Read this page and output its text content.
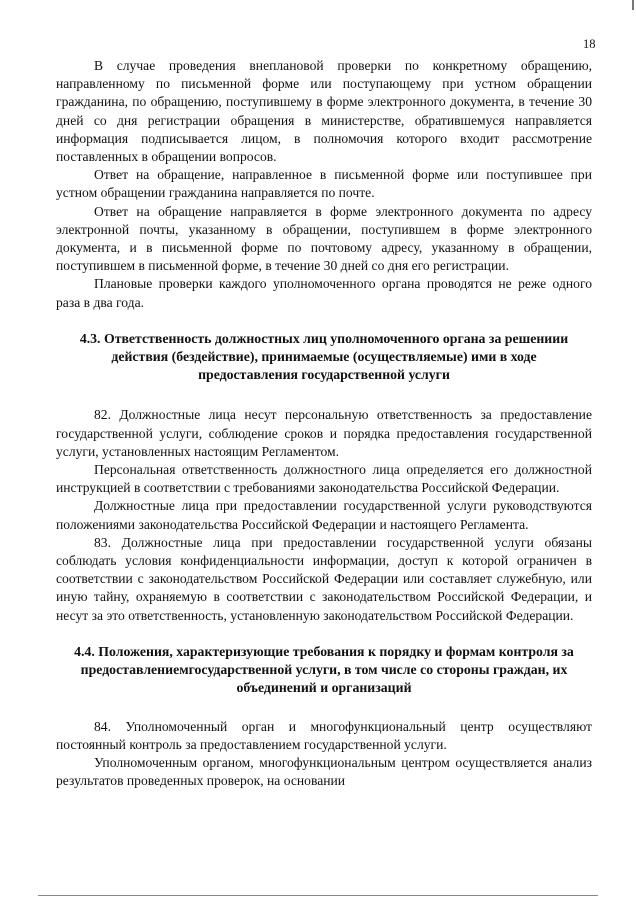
18

В случае проведения внеплановой проверки по конкретному обращению, направленному по письменной форме или поступающему при устном обращении гражданина, по обращению, поступившему в форме электронного документа, в течение 30 дней со дня регистрации обращения в министерстве, обратившемуся направляется информация подписывается лицом, в полномочия которого входит рассмотрение поставленных в обращении вопросов.

Ответ на обращение, направленное в письменной форме или поступившее при устном обращении гражданина направляется по почте.

Ответ на обращение направляется в форме электронного документа по адресу электронной почты, указанному в обращении, поступившем в форме электронного документа, и в письменной форме по почтовому адресу, указанному в обращении, поступившем в письменной форме, в течение 30 дней со дня его регистрации.

Плановые проверки каждого уполномоченного органа проводятся не реже одного раза в два года.

4.3. Ответственность должностных лиц уполномоченного органа за решениии действия (бездействие), принимаемые (осуществляемые) ими в ходе предоставления государственной услуги

82. Должностные лица несут персональную ответственность за предоставление государственной услуги, соблюдение сроков и порядка предоставления государственной услуги, установленных настоящим Регламентом.

Персональная ответственность должностного лица определяется его должностной инструкцией в соответствии с требованиями законодательства Российской Федерации.

Должностные лица при предоставлении государственной услуги руководствуются положениями законодательства Российской Федерации и настоящего Регламента.

83. Должностные лица при предоставлении государственной услуги обязаны соблюдать условия конфиденциальности информации, доступ к которой ограничен в соответствии с законодательством Российской Федерации или составляет служебную, или иную тайну, охраняемую в соответствии с законодательством Российской Федерации, и несут за это ответственность, установленную законодательством Российской Федерации.

4.4. Положения, характеризующие требования к порядку и формам контроля за предоставлениемгосударственной услуги, в том числе со стороны граждан, их объединений и организаций

84. Уполномоченный орган и многофункциональный центр осуществляют постоянный контроль за предоставлением государственной услуги.

Уполномоченным органом, многофункциональным центром осуществляется анализ результатов проведенных проверок, на основании
